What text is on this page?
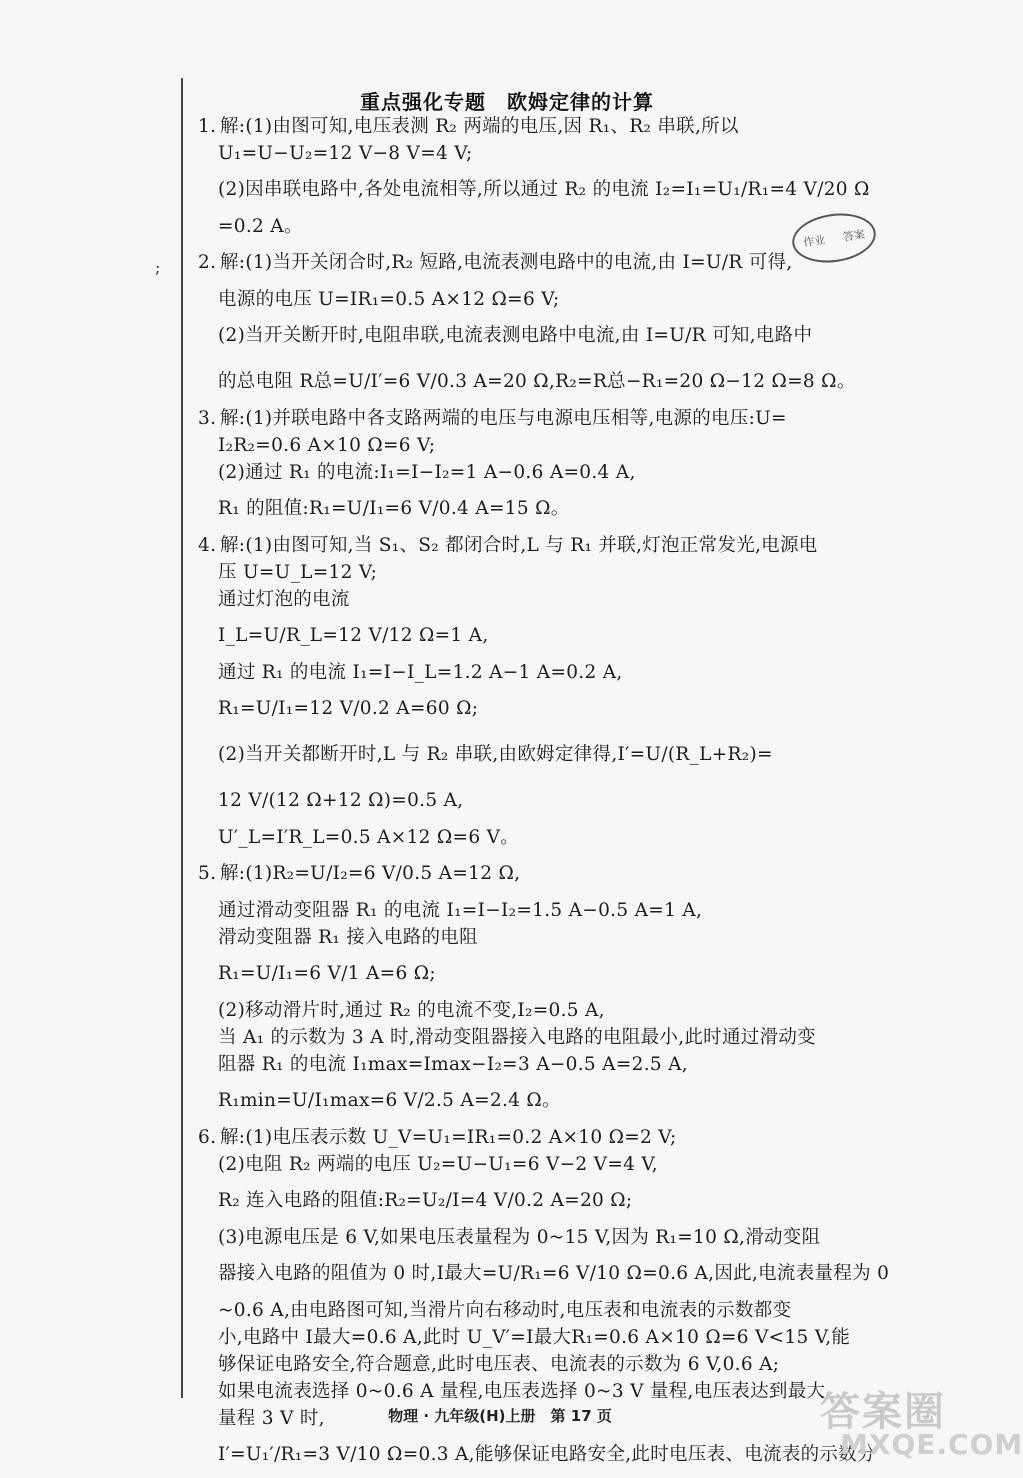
;
重点强化专题　欧姆定律的计算
作业 答案
1. 解:(1)由图可知,电压表测 R₂ 两端的电压,因 R₁、R₂ 串联,所以
U₁=U−U₂=12 V−8 V=4 V;
(2)因串联电路中,各处电流相等,所以通过 R₂ 的电流 I₂=I₁=U₁/R₁=4 V/20 Ω
=0.2 A。
2. 解:(1)当开关闭合时,R₂ 短路,电流表测电路中的电流,由 I=U/R 可得,
电源的电压 U=IR₁=0.5 A×12 Ω=6 V;
(2)当开关断开时,电阻串联,电流表测电路中电流,由 I=U/R 可知,电路中
的总电阻 R总=U/I′=6 V/0.3 A=20 Ω,R₂=R总−R₁=20 Ω−12 Ω=8 Ω。
3. 解:(1)并联电路中各支路两端的电压与电源电压相等,电源的电压:U=
I₂R₂=0.6 A×10 Ω=6 V;
(2)通过 R₁ 的电流:I₁=I−I₂=1 A−0.6 A=0.4 A,
R₁ 的阻值:R₁=U/I₁=6 V/0.4 A=15 Ω。
4. 解:(1)由图可知,当 S₁、S₂ 都闭合时,L 与 R₁ 并联,灯泡正常发光,电源电
压 U=U_L=12 V;
通过灯泡的电流
I_L=U/R_L=12 V/12 Ω=1 A,
通过 R₁ 的电流 I₁=I−I_L=1.2 A−1 A=0.2 A,
R₁=U/I₁=12 V/0.2 A=60 Ω;
(2)当开关都断开时,L 与 R₂ 串联,由欧姆定律得,I′=U/(R_L+R₂)=
12 V/(12 Ω+12 Ω)=0.5 A,
U′_L=I′R_L=0.5 A×12 Ω=6 V。
5. 解:(1)R₂=U/I₂=6 V/0.5 A=12 Ω,
通过滑动变阻器 R₁ 的电流 I₁=I−I₂=1.5 A−0.5 A=1 A,
滑动变阻器 R₁ 接入电路的电阻
R₁=U/I₁=6 V/1 A=6 Ω;
(2)移动滑片时,通过 R₂ 的电流不变,I₂=0.5 A,
当 A₁ 的示数为 3 A 时,滑动变阻器接入电路的电阻最小,此时通过滑动变
阻器 R₁ 的电流 I₁max=Imax−I₂=3 A−0.5 A=2.5 A,
R₁min=U/I₁max=6 V/2.5 A=2.4 Ω。
6. 解:(1)电压表示数 U_V=U₁=IR₁=0.2 A×10 Ω=2 V;
(2)电阻 R₂ 两端的电压 U₂=U−U₁=6 V−2 V=4 V,
R₂ 连入电路的阻值:R₂=U₂/I=4 V/0.2 A=20 Ω;
(3)电源电压是 6 V,如果电压表量程为 0~15 V,因为 R₁=10 Ω,滑动变阻
器接入电路的阻值为 0 时,I最大=U/R₁=6 V/10 Ω=0.6 A,因此,电流表量程为 0
~0.6 A,由电路图可知,当滑片向右移动时,电压表和电流表的示数都变
小,电路中 I最大=0.6 A,此时 U_V′=I最大R₁=0.6 A×10 Ω=6 V<15 V,能
够保证电路安全,符合题意,此时电压表、电流表的示数为 6 V,0.6 A;
如果电流表选择 0~0.6 A 量程,电压表选择 0~3 V 量程,电压表达到最大
量程 3 V 时,
I′=U₁′/R₁=3 V/10 Ω=0.3 A,能够保证电路安全,此时电压表、电流表的示数分
物理 · 九年级(H)上册　第 17 页	答案圈
MXQE.COM
